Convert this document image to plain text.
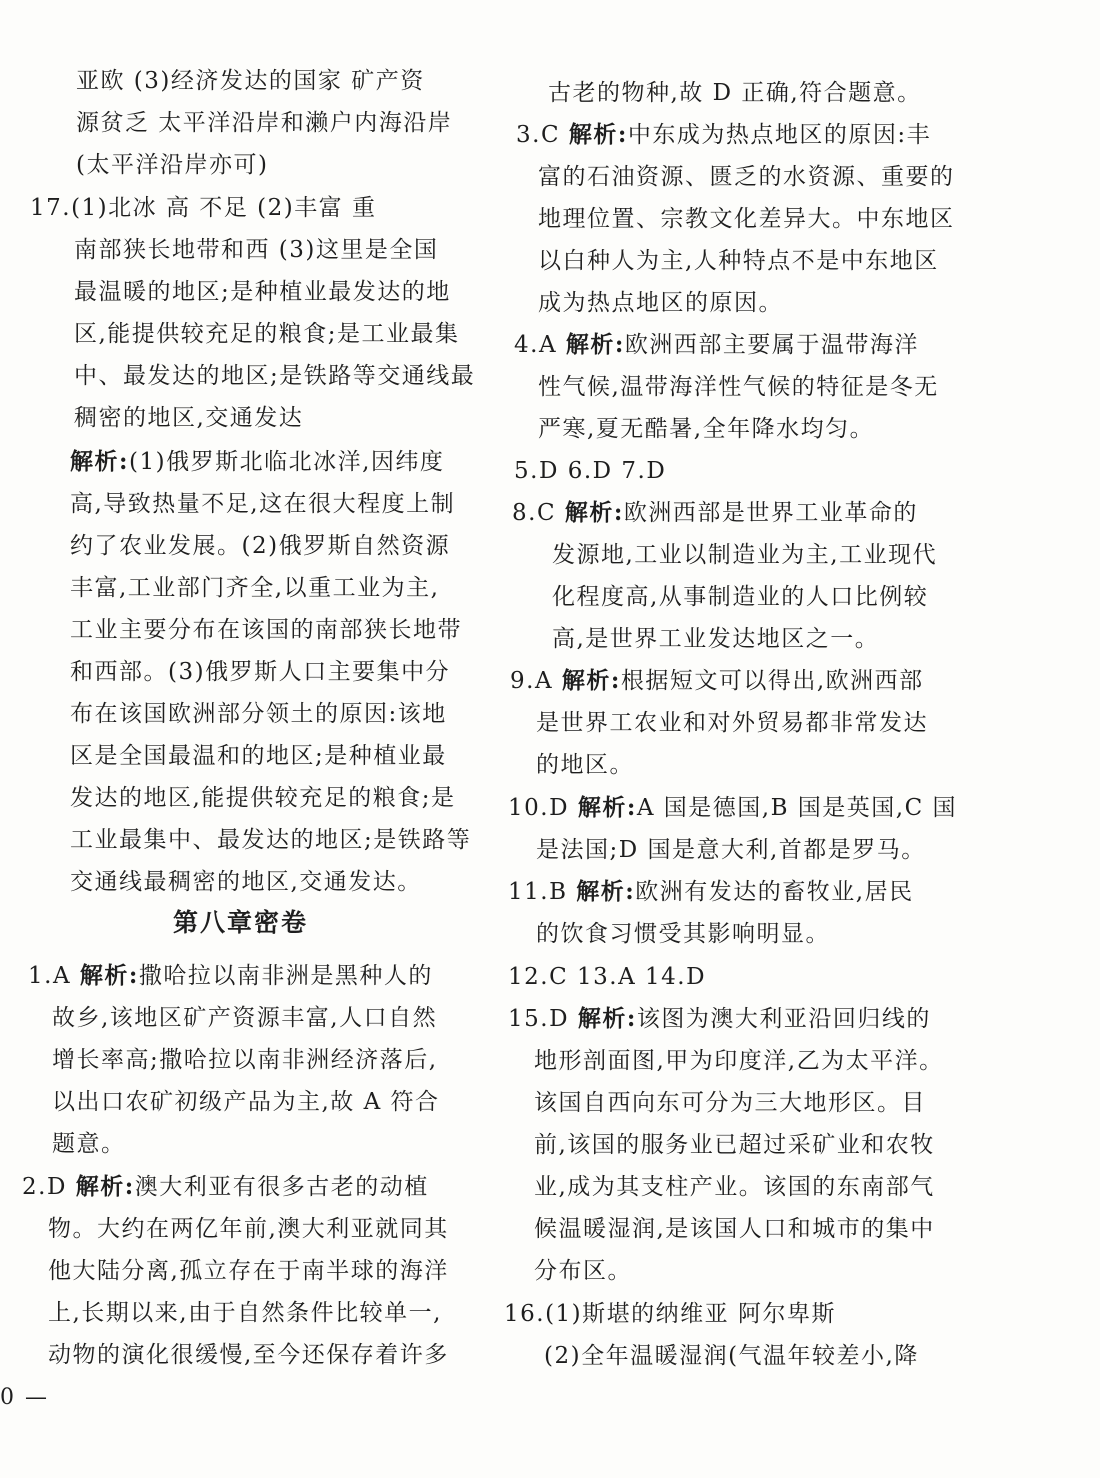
亚欧 (3)经济发达的国家 矿产资
源贫乏 太平洋沿岸和濑户内海沿岸
(太平洋沿岸亦可)
17.(1)北冰 高 不足 (2)丰富 重
南部狭长地带和西 (3)这里是全国
最温暖的地区;是种植业最发达的地
区,能提供较充足的粮食;是工业最集
中、最发达的地区;是铁路等交通线最
稠密的地区,交通发达
解析:(1)俄罗斯北临北冰洋,因纬度
高,导致热量不足,这在很大程度上制
约了农业发展。(2)俄罗斯自然资源
丰富,工业部门齐全,以重工业为主,
工业主要分布在该国的南部狭长地带
和西部。(3)俄罗斯人口主要集中分
布在该国欧洲部分领土的原因:该地
区是全国最温和的地区;是种植业最
发达的地区,能提供较充足的粮食;是
工业最集中、最发达的地区;是铁路等
交通线最稠密的地区,交通发达。
第八章密卷
1.A 解析:撒哈拉以南非洲是黑种人的
故乡,该地区矿产资源丰富,人口自然
增长率高;撒哈拉以南非洲经济落后,
以出口农矿初级产品为主,故 A 符合
题意。
2.D 解析:澳大利亚有很多古老的动植
物。大约在两亿年前,澳大利亚就同其
他大陆分离,孤立存在于南半球的海洋
上,长期以来,由于自然条件比较单一,
动物的演化很缓慢,至今还保存着许多
古老的物种,故 D 正确,符合题意。
3.C 解析:中东成为热点地区的原因:丰
富的石油资源、匮乏的水资源、重要的
地理位置、宗教文化差异大。中东地区
以白种人为主,人种特点不是中东地区
成为热点地区的原因。
4.A 解析:欧洲西部主要属于温带海洋
性气候,温带海洋性气候的特征是冬无
严寒,夏无酷暑,全年降水均匀。
5.D 6.D 7.D
8.C 解析:欧洲西部是世界工业革命的
发源地,工业以制造业为主,工业现代
化程度高,从事制造业的人口比例较
高,是世界工业发达地区之一。
9.A 解析:根据短文可以得出,欧洲西部
是世界工农业和对外贸易都非常发达
的地区。
10.D 解析:A 国是德国,B 国是英国,C 国
是法国;D 国是意大利,首都是罗马。
11.B 解析:欧洲有发达的畜牧业,居民
的饮食习惯受其影响明显。
12.C 13.A 14.D
15.D 解析:该图为澳大利亚沿回归线的
地形剖面图,甲为印度洋,乙为太平洋。
该国自西向东可分为三大地形区。目
前,该国的服务业已超过采矿业和农牧
业,成为其支柱产业。该国的东南部气
候温暖湿润,是该国人口和城市的集中
分布区。
16.(1)斯堪的纳维亚 阿尔卑斯
(2)全年温暖湿润(气温年较差小,降
0 —
